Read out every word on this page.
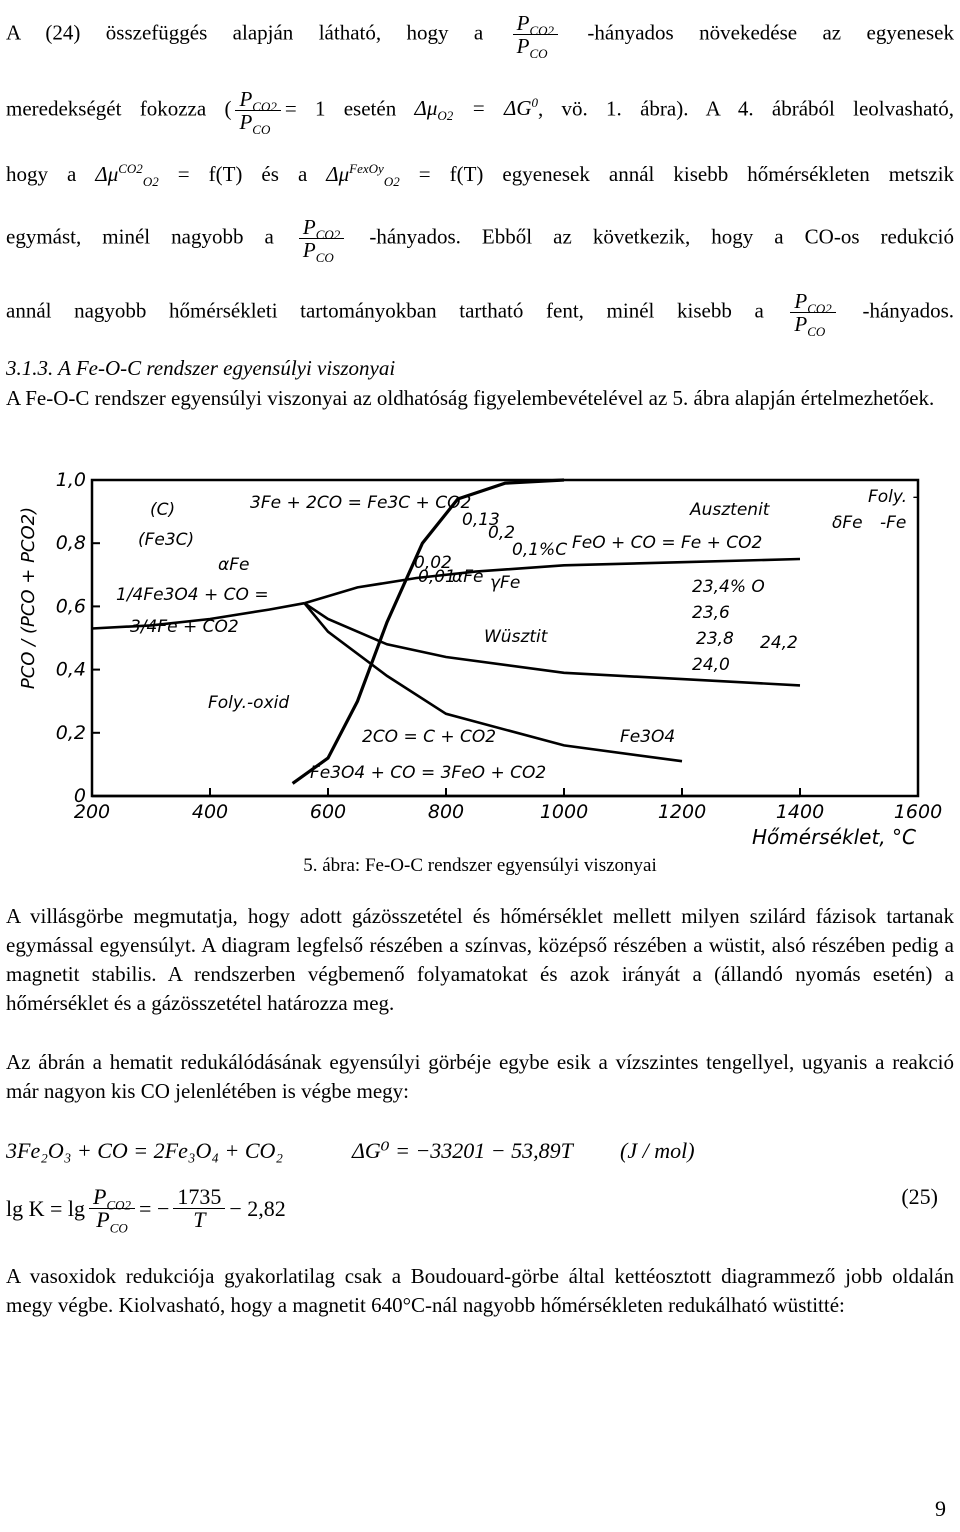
A (24) összefüggés alapján látható, hogy a $\frac{P_{CO2}}{P_{CO}}$ -hányados növekedése az egyenesek
meredekségét fokozza ( $\frac{P_{CO2}}{P_{CO}} = 1$ esetén $\Delta\mu_{O2} = \Delta G^0$, vö. 1. ábra). A 4. ábrából leolvasható,
hogy a $\Delta\mu^{CO2}_{O2} = f(T)$ és a $\Delta\mu^{FexOy}_{O2} = f(T)$ egyenesek annál kisebb hőmérsékleten metszik
egymást, minél nagyobb a $\frac{P_{CO2}}{P_{CO}}$ -hányados. Ebből az következik, hogy a CO-os redukció
annál nagyobb hőmérsékleti tartományokban tartható fent, minél kisebb a $\frac{P_{CO2}}{P_{CO}}$ -hányados.
3.1.3. A Fe-O-C rendszer egyensúlyi viszonyai
A Fe-O-C rendszer egyensúlyi viszonyai az oldhatóság figyelembevételével az 5. ábra alapján értelmezhetőek.
200	400	600	800	1000	1200	1400	1600
0
0,2
0,4
0,6
0,8
1,0
Hőmérséklet, °C
PCO / (PCO + PCO2)	(C)
(Fe3C)
αFe
1/4Fe3O4 + CO =
3/4Fe + CO2
3Fe + 2CO = Fe3C + CO2
0,13
0,2
0,1%C
0,02
0,01
αFe γFe
Ausztenit
Foly. -
δFe -Fe
FeO + CO = Fe + CO2
Wüsztit
23,4% O
23,6
23,8
24,0
24,2
Foly.-oxid
2CO = C + CO2	Fe3O4
Fe3O4 + CO = 3FeO + CO2
5. ábra: Fe-O-C rendszer egyensúlyi viszonyai
A villásgörbe megmutatja, hogy adott gázösszetétel és hőmérséklet mellett milyen szilárd fázisok tartanak egymással egyensúlyt. A diagram legfelső részében a színvas, középső részében a wüstit, alsó részében pedig a magnetit stabilis. A rendszerben végbemenő folyamatokat és azok irányát a (állandó nyomás esetén) a hőmérséklet és a gázösszetétel határozza meg.
Az ábrán a hematit redukálódásának egyensúlyi görbéje egybe esik a vízszintes tengellyel, ugyanis a reakció már nagyon kis CO jelenlétében is végbe megy:
3Fe₂O₃ + CO = 2Fe₃O₄ + CO₂	ΔG⁰ = −33201 − 53,89T (J / mol)
$\lg K = \lg \frac{P_{CO2}}{P_{CO}}$ = − $\frac{1735}{T} - 2,82$	(25)
A vasoxidok redukciója gyakorlatilag csak a Boudouard-görbe által kettéosztott diagrammező jobb oldalán megy végbe. Kiolvasható, hogy a magnetit 640°C-nál nagyobb hőmérsékleten redukálható wüstitté:
9
